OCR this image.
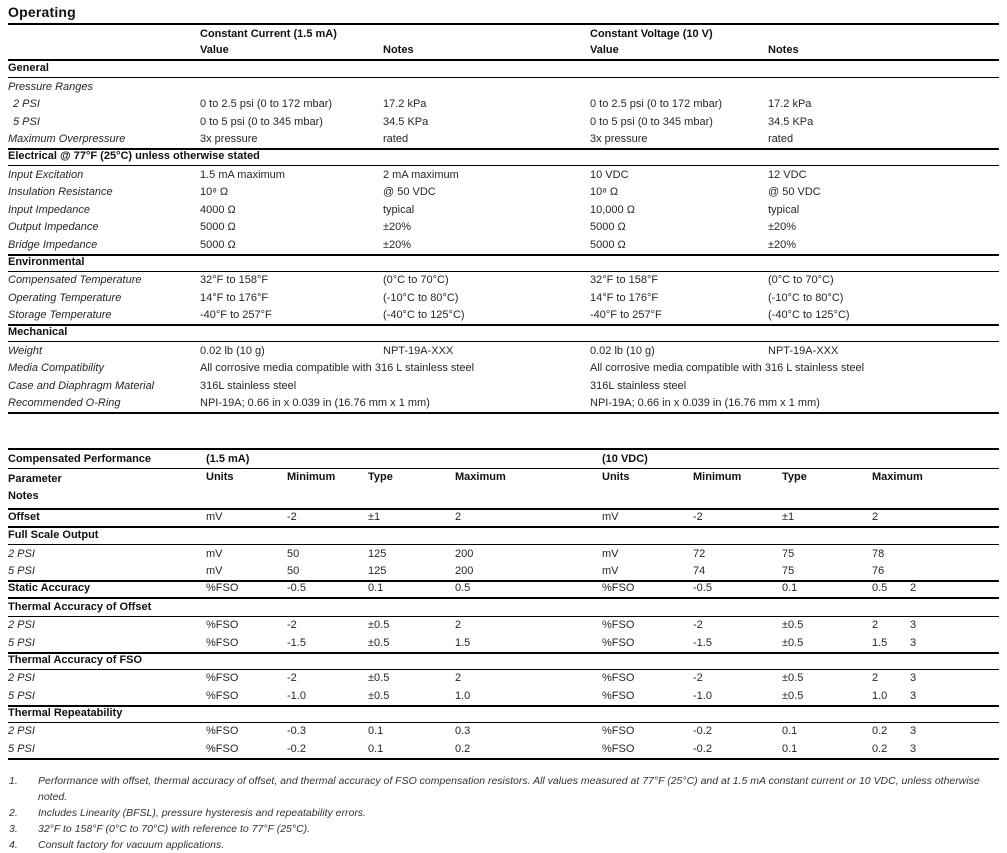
Operating
Constant Current (1.5 mA)	Constant Voltage (10 V)
Value	Notes	Value	Notes
General
Pressure Ranges
2 PSI	0 to 2.5 psi (0 to 172 mbar)	17.2 kPa	0 to 2.5 psi (0 to 172 mbar)	17.2 kPa
5 PSI	0 to 5 psi (0 to 345 mbar)	34.5 KPa	0 to 5 psi (0 to 345 mbar)	34.5 KPa
Maximum Overpressure	3x pressure	rated	3x pressure	rated
Electrical @ 77°F (25°C) unless otherwise stated
Input Excitation	1.5 mA maximum	2 mA maximum	10 VDC	12 VDC
Insulation Resistance	10⁸ Ω	@ 50 VDC	10⁸ Ω	@ 50 VDC
Input Impedance	4000 Ω	typical	10,000 Ω	typical
Output Impedance	5000 Ω	±20%	5000 Ω	±20%
Bridge Impedance	5000 Ω	±20%	5000 Ω	±20%
Environmental
Compensated Temperature	32°F to 158°F	(0°C to 70°C)	32°F to 158°F	(0°C to 70°C)
Operating Temperature	14°F to 176°F	(-10°C to 80°C)	14°F to 176°F	(-10°C to 80°C)
Storage Temperature	-40°F to 257°F	(-40°C to 125°C)	-40°F to 257°F	(-40°C to 125°C)
Mechanical
Weight	0.02 lb (10 g)	NPT-19A-XXX	0.02 lb (10 g)	NPT-19A-XXX
Media Compatibility	All corrosive media compatible with 316 L stainless steel	All corrosive media compatible with 316 L stainless steel
Case and Diaphragm Material	316L stainless steel	316L stainless steel
Recommended O-Ring	NPI-19A; 0.66 in x 0.039 in (16.76 mm x 1 mm)	NPI-19A; 0.66 in x 0.039 in (16.76 mm x 1 mm)
Compensated Performance	(1.5 mA)	(10 VDC)
Parameter
Notes
Units	Minimum	Type	Maximum	Units	Minimum	Type	Maximum
Offset	mV	-2	±1	2	mV	-2	±1	2
Full Scale Output
2 PSI	mV	50	125	200	mV	72	75	78
5 PSI	mV	50	125	200	mV	74	75	76
Static Accuracy	%FSO	-0.5	0.1	0.5	%FSO	-0.5	0.1	0.5	2
Thermal Accuracy of Offset
2 PSI	%FSO	-2	±0.5	2	%FSO	-2	±0.5	2	3
5 PSI	%FSO	-1.5	±0.5	1.5	%FSO	-1.5	±0.5	1.5	3
Thermal Accuracy of FSO
2 PSI	%FSO	-2	±0.5	2	%FSO	-2	±0.5	2	3
5 PSI	%FSO	-1.0	±0.5	1.0	%FSO	-1.0	±0.5	1.0	3
Thermal Repeatability
2 PSI	%FSO	-0.3	0.1	0.3	%FSO	-0.2	0.1	0.2	3
5 PSI	%FSO	-0.2	0.1	0.2	%FSO	-0.2	0.1	0.2	3
1.	Performance with offset, thermal accuracy of offset, and thermal accuracy of FSO compensation resistors. All values measured at 77°F (25°C) and at 1.5 mA constant current or 10 VDC, unless otherwise noted.
2.	Includes Linearity (BFSL), pressure hysteresis and repeatability errors.
3.	32°F to 158°F (0°C to 70°C) with reference to 77°F (25°C).
4.	Consult factory for vacuum applications.
